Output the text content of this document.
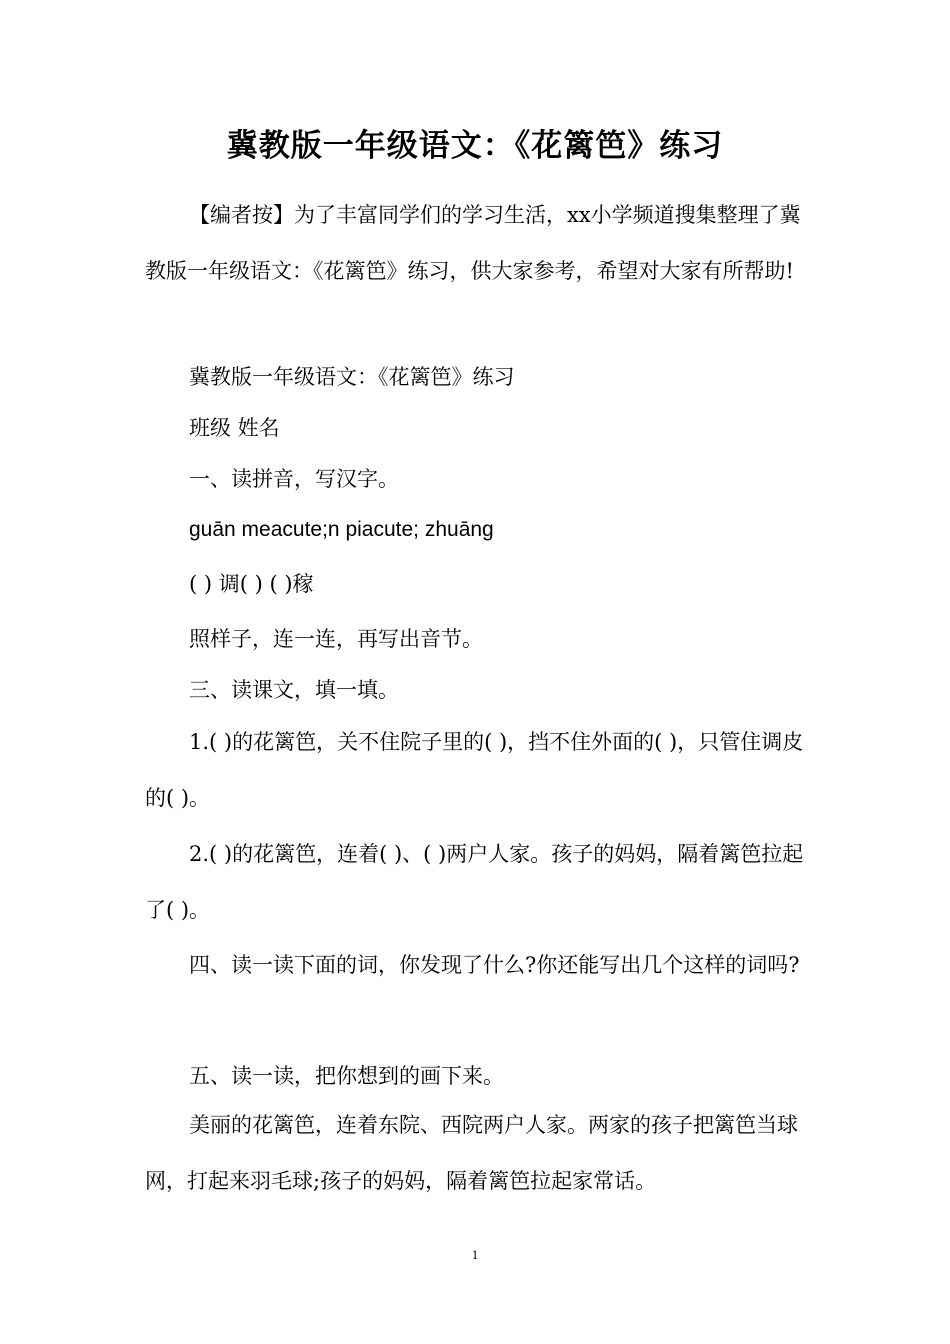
冀教版一年级语文：《花篱笆》练习
【编者按】为了丰富同学们的学习生活，xx小学频道搜集整理了冀教版一年级语文：《花篱笆》练习，供大家参考，希望对大家有所帮助!
冀教版一年级语文：《花篱笆》练习
班级 姓名
一、读拼音，写汉字。
guān meacute;n piacute; zhuāng
( ) 调( ) ( )稼
照样子，连一连，再写出音节。
三、读课文，填一填。
1.( )的花篱笆，关不住院子里的( )，挡不住外面的( )，只管住调皮的( )。
2.( )的花篱笆，连着( )、( )两户人家。孩子的妈妈，隔着篱笆拉起了( )。
四、读一读下面的词，你发现了什么?你还能写出几个这样的词吗?
五、读一读，把你想到的画下来。
美丽的花篱笆，连着东院、西院两户人家。两家的孩子把篱笆当球网，打起来羽毛球;孩子的妈妈，隔着篱笆拉起家常话。
1
